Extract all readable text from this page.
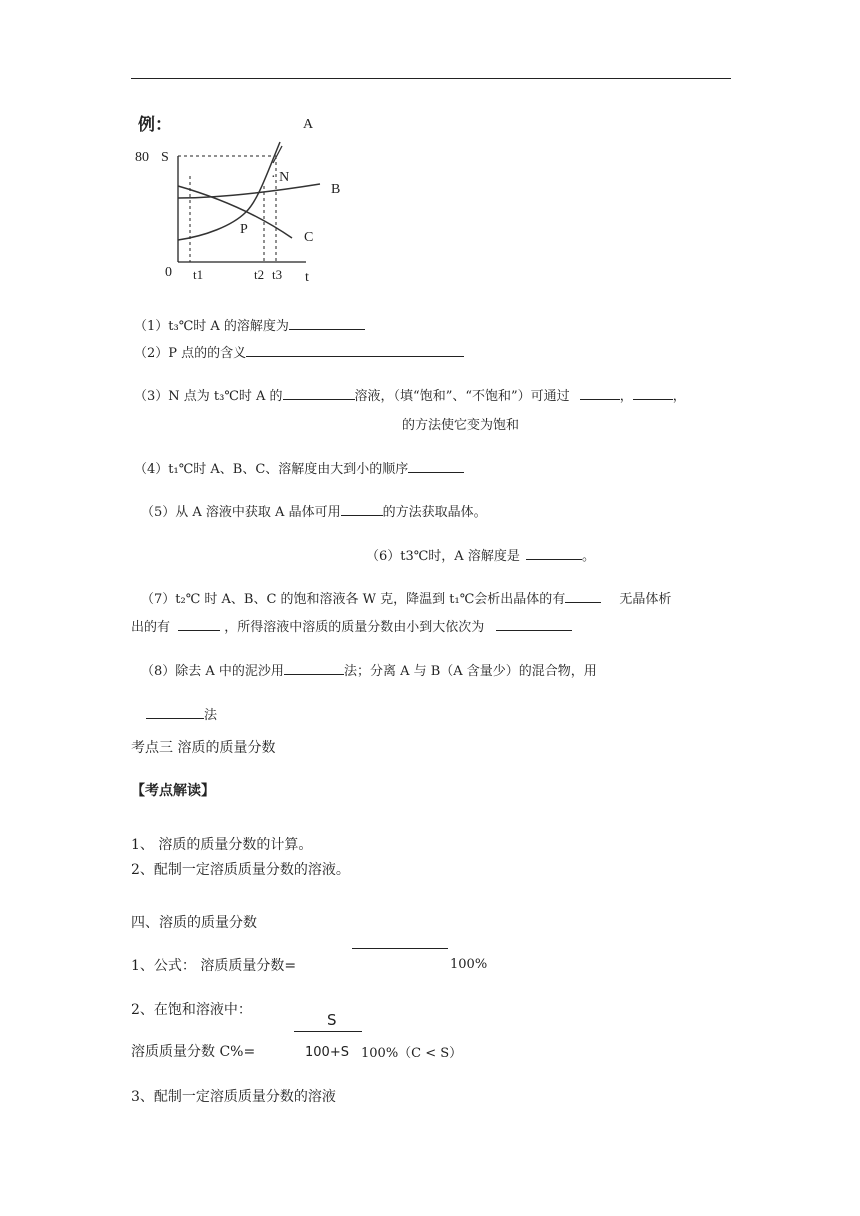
例：
80 S
0	t
t1	t2 t3
A
B
C
· N
P
（1）t₃℃时 A 的溶解度为
（2）P 点的的含义
（3）N 点为 t₃℃时 A 的	溶液，（填“饱和”、“不饱和”）可通过	，	，
的方法使它变为饱和
（4）t₁℃时 A、B、C、溶解度由大到小的顺序
（5）从 A 溶液中获取 A 晶体可用	的方法获取晶体。
（6）t3℃时，A 溶解度是	。
（7）t₂℃ 时 A、B、C 的饱和溶液各 W 克，降温到 t₁℃会析出晶体的有	无晶体析
出的有	，所得溶液中溶质的质量分数由小到大依次为
（8）除去 A 中的泥沙用	法；分离 A 与 B（A 含量少）的混合物，用
法
考点三 溶质的质量分数
【考点解读】
1、 溶质的质量分数的计算。
2、配制一定溶质质量分数的溶液。
四、溶质的质量分数
1、公式： 溶质质量分数=	100%
2、在饱和溶液中：
S
溶质质量分数 C%=	100+S 100%（C < S）
3、配制一定溶质质量分数的溶液
